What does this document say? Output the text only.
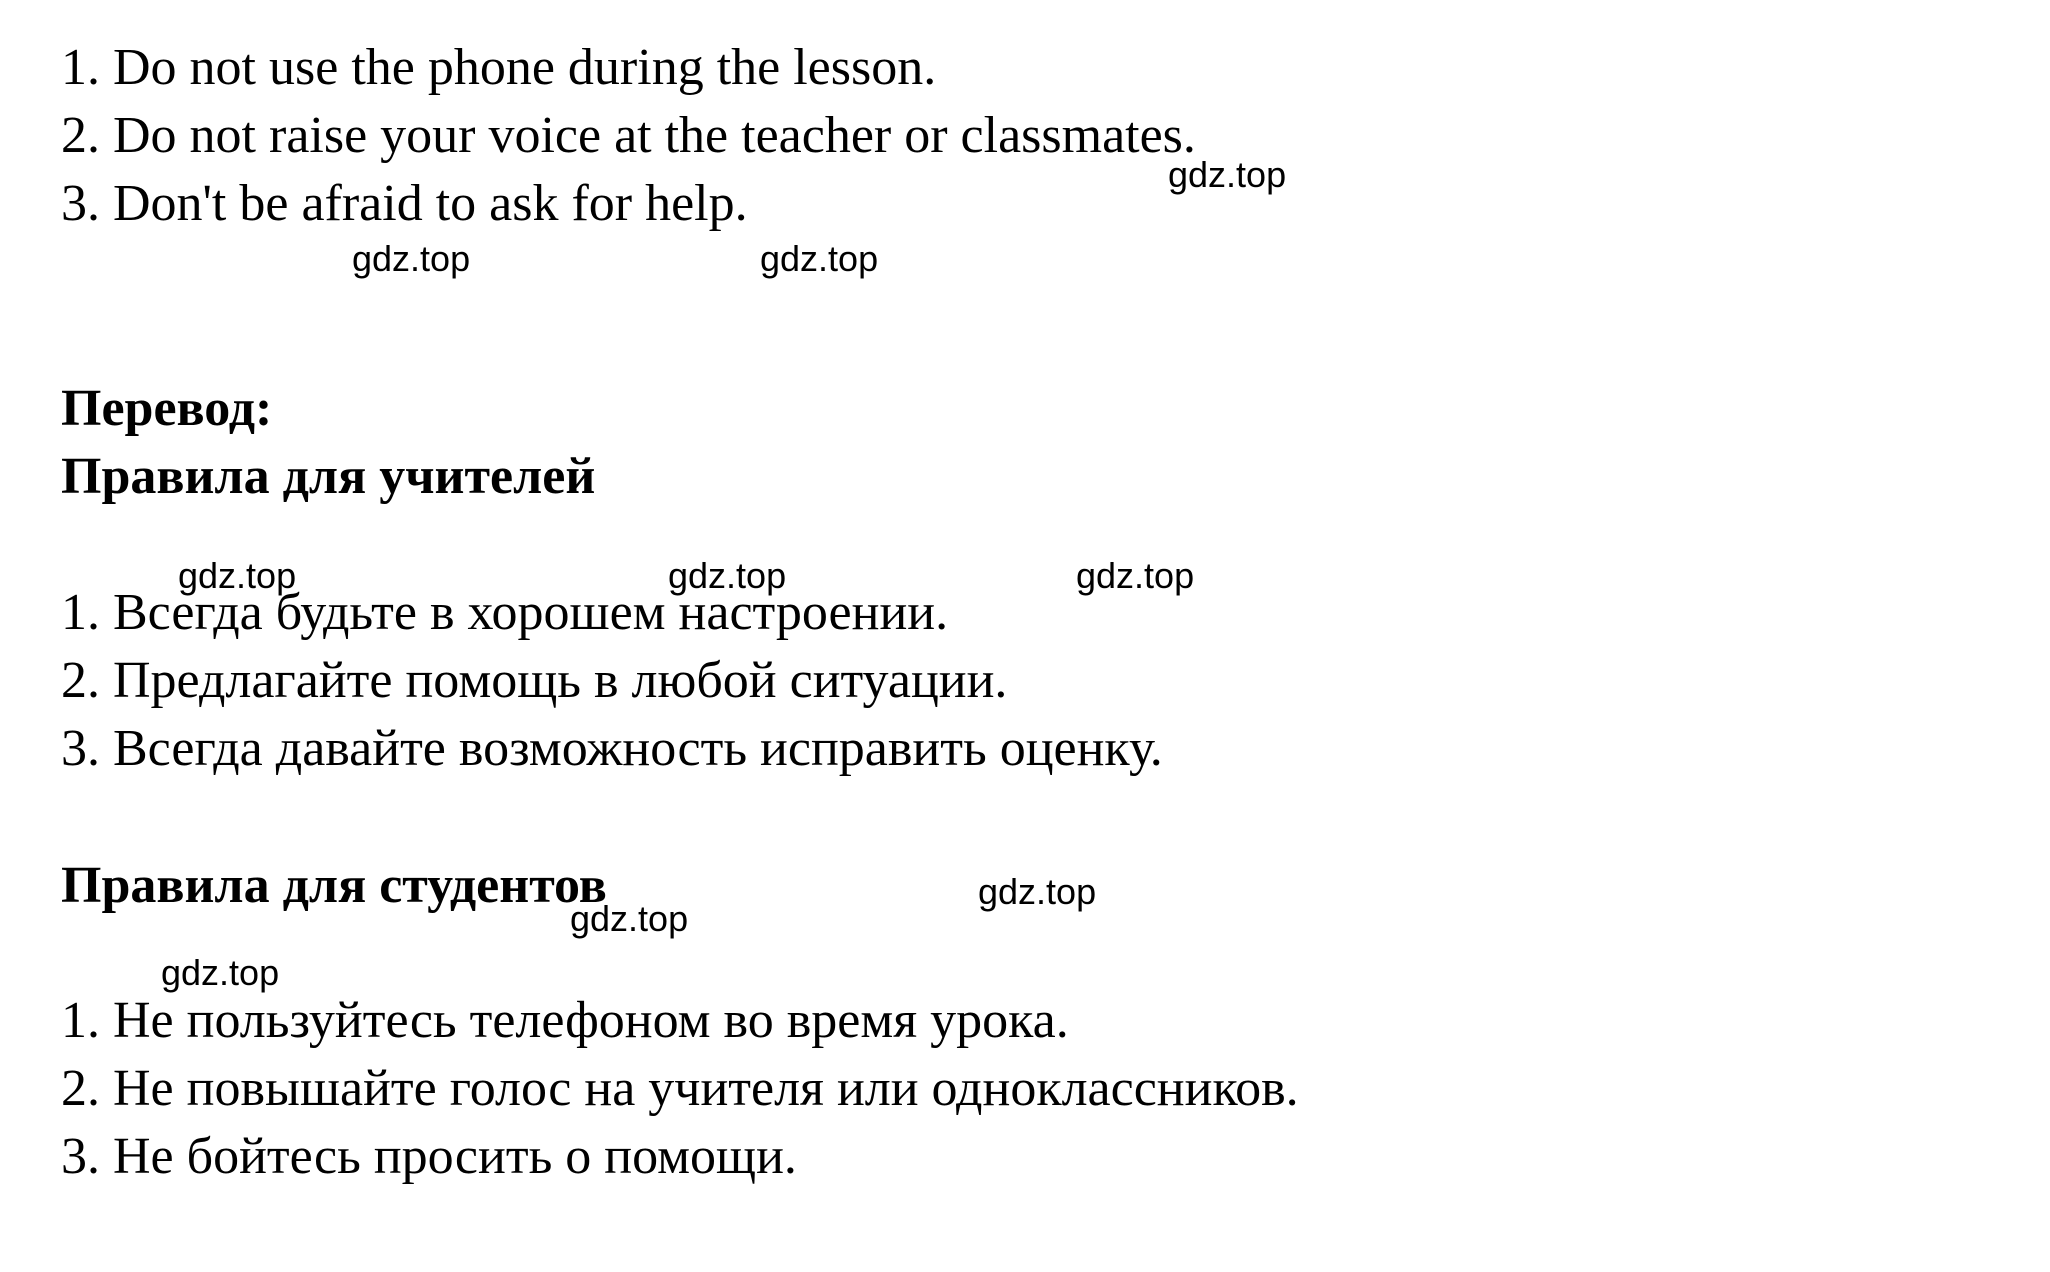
1. Do not use the phone during the lesson.

2. Do not raise your voice at the teacher or classmates.

3. Don't be afraid to ask for help.

Перевод:

Правила для учителей

1. Всегда будьте в хорошем настроении.

2. Предлагайте помощь в любой ситуации.

3. Всегда давайте возможность исправить оценку.

Правила для студентов

1. Не пользуйтесь телефоном во время урока.

2. Не повышайте голос на учителя или одноклассников.

3. Не бойтесь просить о помощи.

gdz.top
gdz.top	gdz.top
gdz.top	gdz.top	gdz.top
gdz.top
gdz.top
gdz.top
